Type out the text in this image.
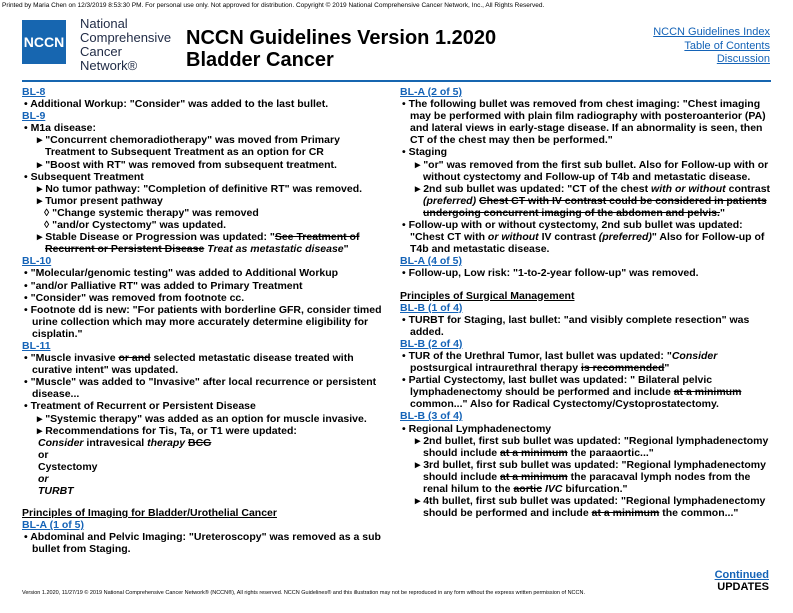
Printed by Maria Chen on 12/3/2019 8:53:30 PM. For personal use only. Not approved for distribution. Copyright © 2019 National Comprehensive Cancer Network, Inc., All Rights Reserved.
NCCN
National
Comprehensive
Cancer
Network®
NCCN Guidelines Version 1.2020
Bladder Cancer
NCCN Guidelines Index
Table of Contents
Discussion
BL-8
• Additional Workup: "Consider" was added to the last bullet.
BL-9
• M1a disease:
▸ "Concurrent chemoradiotherapy" was moved from Primary Treatment to Subsequent Treatment as an option for CR
▸ "Boost with RT" was removed from subsequent treatment.
• Subsequent Treatment
▸ No tumor pathway: "Completion of definitive RT" was removed.
▸ Tumor present pathway
◊ "Change systemic therapy" was removed
◊ "and/or Cystectomy" was updated.
▸ Stable Disease or Progression was updated: "See Treatment of Recurrent or Persistent Disease Treat as metastatic disease"
BL-10
• "Molecular/genomic testing" was added to Additional Workup
• "and/or Palliative RT" was added to Primary Treatment
• "Consider" was removed from footnote cc.
• Footnote dd is new: "For patients with borderline GFR, consider timed urine collection which may more accurately determine eligibility for cisplatin."
BL-11
• "Muscle invasive or and selected metastatic disease treated with curative intent" was updated.
• "Muscle" was added to "Invasive" after local recurrence or persistent disease...
• Treatment of Recurrent or Persistent Disease
▸ "Systemic therapy" was added as an option for muscle invasive.
▸ Recommendations for Tis, Ta, or T1 were updated:
Consider intravesical therapy BCG
or
Cystectomy
or
TURBT
Principles of Imaging for Bladder/Urothelial Cancer
BL-A (1 of 5)
• Abdominal and Pelvic Imaging: "Ureteroscopy" was removed as a sub bullet from Staging.
BL-A (2 of 5)
• The following bullet was removed from chest imaging: "Chest imaging may be performed with plain film radiography with posteroanterior (PA) and lateral views in early-stage disease. If an abnormality is seen, then CT of the chest may then be performed."
• Staging
▸ "or" was removed from the first sub bullet. Also for Follow-up with or without cystectomy and Follow-up of T4b and metastatic disease.
▸ 2nd sub bullet was updated: "CT of the chest with or without contrast (preferred) Chest CT with IV contrast could be considered in patients undergoing concurrent imaging of the abdomen and pelvis."
• Follow-up with or without cystectomy, 2nd sub bullet was updated: "Chest CT with or without IV contrast (preferred)" Also for Follow-up of T4b and metastatic disease.
BL-A (4 of 5)
• Follow-up, Low risk: "1-to-2-year follow-up" was removed.
Principles of Surgical Management
BL-B (1 of 4)
• TURBT for Staging, last bullet: "and visibly complete resection" was added.
BL-B (2 of 4)
• TUR of the Urethral Tumor, last bullet was updated: "Consider postsurgical intraurethral therapy is recommended"
• Partial Cystectomy, last bullet was updated: " Bilateral pelvic lymphadenectomy should be performed and include at a minimum common..." Also for Radical Cystectomy/Cystoprostatectomy.
BL-B (3 of 4)
• Regional Lymphadenectomy
▸ 2nd bullet, first sub bullet was updated: "Regional lymphadenectomy should include at a minimum the paraaortic..."
▸ 3rd bullet, first sub bullet was updated: "Regional lymphadenectomy should include at a minimum the paracaval lymph nodes from the renal hilum to the aortic IVC bifurcation."
▸ 4th bullet, first sub bullet was updated: "Regional lymphadenectomy should be performed and include at a minimum the common..."
Continued
UPDATES
Version 1.2020, 11/27/19 © 2019 National Comprehensive Cancer Network® (NCCN®), All rights reserved. NCCN Guidelines® and this illustration may not be reproduced in any form without the express written permission of NCCN.
